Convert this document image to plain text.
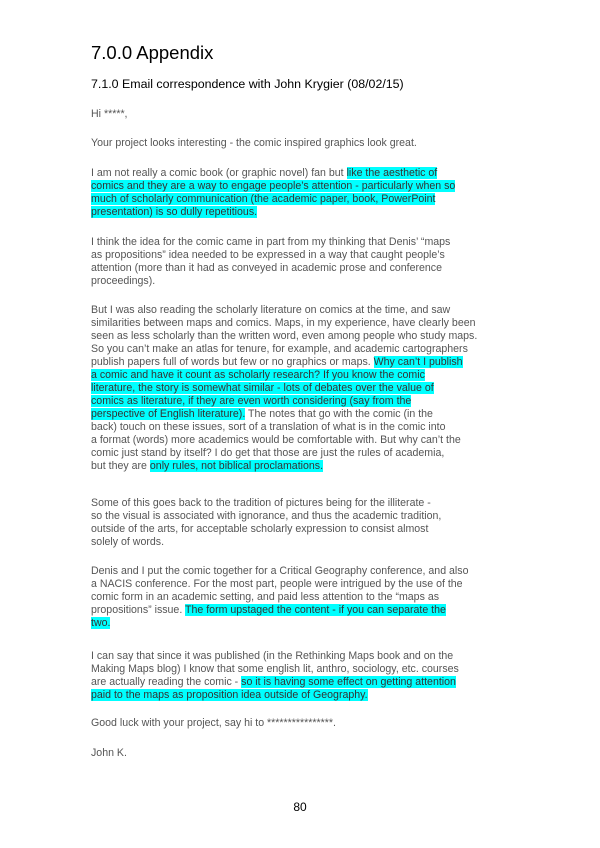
7.0.0 Appendix
7.1.0 Email correspondence with John Krygier (08/02/15)
Hi *****,
Your project looks interesting - the comic inspired graphics look great.
I am not really a comic book (or graphic novel) fan but like the aesthetic of
comics and they are a way to engage people’s attention - particularly when so
much of scholarly communication (the academic paper, book, PowerPoint
presentation) is so dully repetitious.
I think the idea for the comic came in part from my thinking that Denis’ “maps
as propositions” idea needed to be expressed in a way that caught people’s
attention (more than it had as conveyed in academic prose and conference
proceedings).
But I was also reading the scholarly literature on comics at the time, and saw
similarities between maps and comics. Maps, in my experience, have clearly been
seen as less scholarly than the written word, even among people who study maps.
So you can’t make an atlas for tenure, for example, and academic cartographers
publish papers full of words but few or no graphics or maps. Why can’t I publish
a comic and have it count as scholarly research? If you know the comic
literature, the story is somewhat similar - lots of debates over the value of
comics as literature, if they are even worth considering (say from the
perspective of English literature). The notes that go with the comic (in the
back) touch on these issues, sort of a translation of what is in the comic into
a format (words) more academics would be comfortable with. But why can’t the
comic just stand by itself? I do get that those are just the rules of academia,
but they are only rules, not biblical proclamations.
Some of this goes back to the tradition of pictures being for the illiterate -
so the visual is associated with ignorance, and thus the academic tradition,
outside of the arts, for acceptable scholarly expression to consist almost
solely of words.
Denis and I put the comic together for a Critical Geography conference, and also
a NACIS conference. For the most part, people were intrigued by the use of the
comic form in an academic setting, and paid less attention to the “maps as
propositions” issue. The form upstaged the content - if you can separate the
two.
I can say that since it was published (in the Rethinking Maps book and on the
Making Maps blog) I know that some english lit, anthro, sociology, etc. courses
are actually reading the comic - so it is having some effect on getting attention
paid to the maps as proposition idea outside of Geography.
Good luck with your project, say hi to ****************.
John K.
80
